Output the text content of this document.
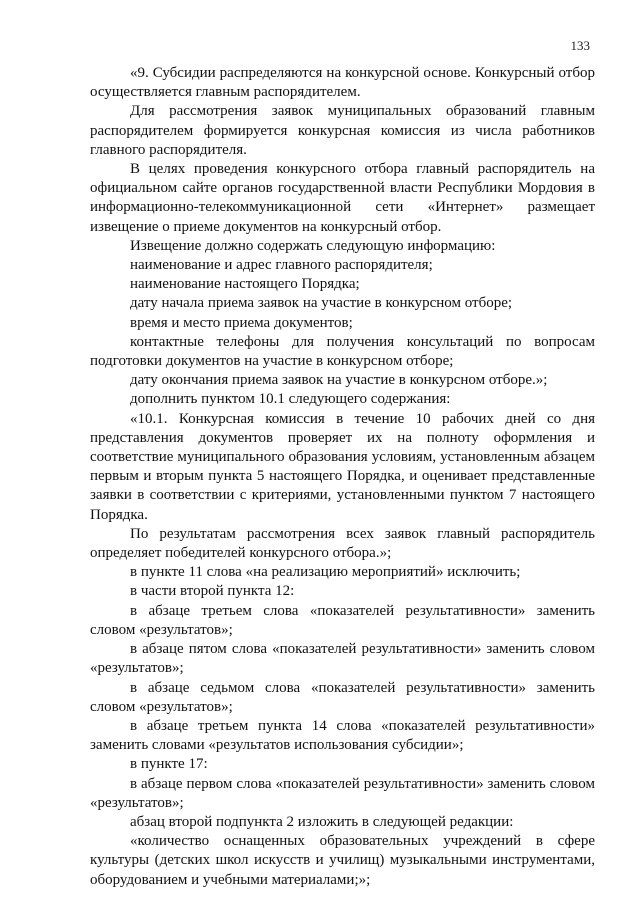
133

«9. Субсидии распределяются на конкурсной основе. Конкурсный отбор осуществляется главным распорядителем.

Для рассмотрения заявок муниципальных образований главным распорядителем формируется конкурсная комиссия из числа работников главного распорядителя.

В целях проведения конкурсного отбора главный распорядитель на официальном сайте органов государственной власти Республики Мордовия в информационно-телекоммуникационной сети «Интернет» размещает извещение о приеме документов на конкурсный отбор.

Извещение должно содержать следующую информацию:

наименование и адрес главного распорядителя;

наименование настоящего Порядка;

дату начала приема заявок на участие в конкурсном отборе;

время и место приема документов;

контактные телефоны для получения консультаций по вопросам подготовки документов на участие в конкурсном отборе;

дату окончания приема заявок на участие в конкурсном отборе.»;

дополнить пунктом 10.1 следующего содержания:

«10.1. Конкурсная комиссия в течение 10 рабочих дней со дня представления документов проверяет их на полноту оформления и соответствие муниципального образования условиям, установленным абзацем первым и вторым пункта 5 настоящего Порядка, и оценивает представленные заявки в соответствии с критериями, установленными пунктом 7 настоящего Порядка.

По результатам рассмотрения всех заявок главный распорядитель определяет победителей конкурсного отбора.»;

в пункте 11 слова «на реализацию мероприятий» исключить;

в части второй пункта 12:

в абзаце третьем слова «показателей результативности» заменить словом «результатов»;

в абзаце пятом слова «показателей результативности» заменить словом «результатов»;

в абзаце седьмом слова «показателей результативности» заменить словом «результатов»;

в абзаце третьем пункта 14 слова «показателей результативности» заменить словами «результатов использования субсидии»;

в пункте 17:

в абзаце первом слова «показателей результативности» заменить словом «результатов»;

абзац второй подпункта 2 изложить в следующей редакции:

«количество оснащенных образовательных учреждений в сфере культуры (детских школ искусств и училищ) музыкальными инструментами, оборудованием и учебными материалами;»;
